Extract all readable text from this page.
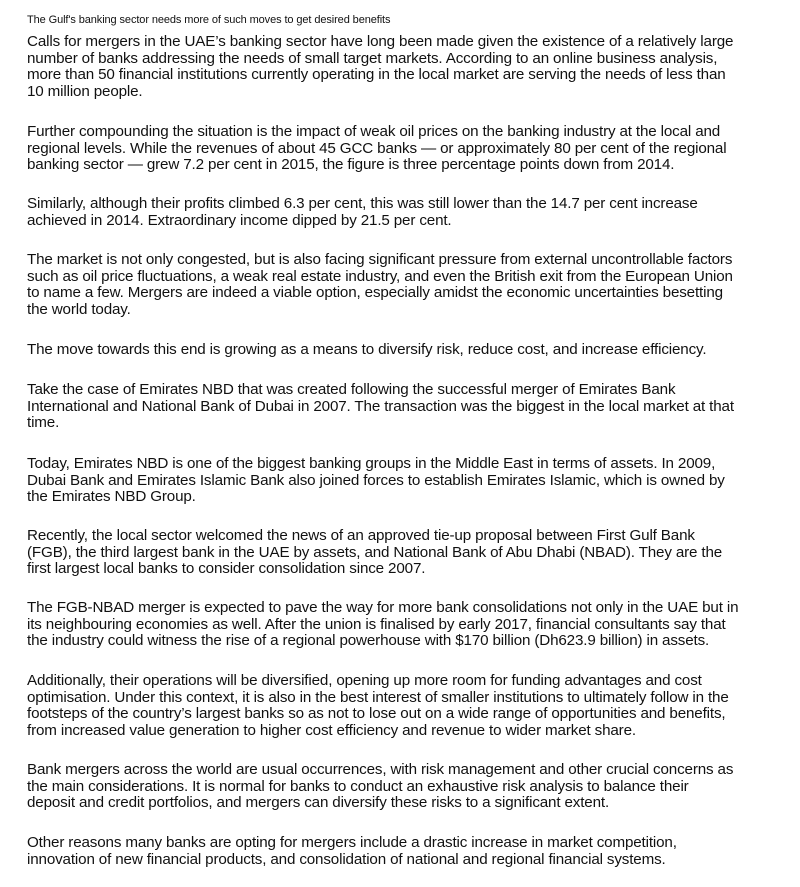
The Gulf's banking sector needs more of such moves to get desired benefits

Calls for mergers in the UAE’s banking sector have long been made given the existence of a relatively large
number of banks addressing the needs of small target markets. According to an online business analysis,
more than 50 financial institutions currently operating in the local market are serving the needs of less than
10 million people.

Further compounding the situation is the impact of weak oil prices on the banking industry at the local and
regional levels. While the revenues of about 45 GCC banks — or approximately 80 per cent of the regional
banking sector — grew 7.2 per cent in 2015, the figure is three percentage points down from 2014.

Similarly, although their profits climbed 6.3 per cent, this was still lower than the 14.7 per cent increase
achieved in 2014. Extraordinary income dipped by 21.5 per cent.

The market is not only congested, but is also facing significant pressure from external uncontrollable factors
such as oil price fluctuations, a weak real estate industry, and even the British exit from the European Union
to name a few. Mergers are indeed a viable option, especially amidst the economic uncertainties besetting
the world today.

The move towards this end is growing as a means to diversify risk, reduce cost, and increase efficiency.

Take the case of Emirates NBD that was created following the successful merger of Emirates Bank
International and National Bank of Dubai in 2007. The transaction was the biggest in the local market at that
time.

Today, Emirates NBD is one of the biggest banking groups in the Middle East in terms of assets. In 2009,
Dubai Bank and Emirates Islamic Bank also joined forces to establish Emirates Islamic, which is owned by
the Emirates NBD Group.

Recently, the local sector welcomed the news of an approved tie-up proposal between First Gulf Bank
(FGB), the third largest bank in the UAE by assets, and National Bank of Abu Dhabi (NBAD). They are the
first largest local banks to consider consolidation since 2007.

The FGB-NBAD merger is expected to pave the way for more bank consolidations not only in the UAE but in
its neighbouring economies as well. After the union is finalised by early 2017, financial consultants say that
the industry could witness the rise of a regional powerhouse with $170 billion (Dh623.9 billion) in assets.

Additionally, their operations will be diversified, opening up more room for funding advantages and cost
optimisation. Under this context, it is also in the best interest of smaller institutions to ultimately follow in the
footsteps of the country’s largest banks so as not to lose out on a wide range of opportunities and benefits,
from increased value generation to higher cost efficiency and revenue to wider market share.

Bank mergers across the world are usual occurrences, with risk management and other crucial concerns as
the main considerations. It is normal for banks to conduct an exhaustive risk analysis to balance their
deposit and credit portfolios, and mergers can diversify these risks to a significant extent.

Other reasons many banks are opting for mergers include a drastic increase in market competition,
innovation of new financial products, and consolidation of national and regional financial systems.
